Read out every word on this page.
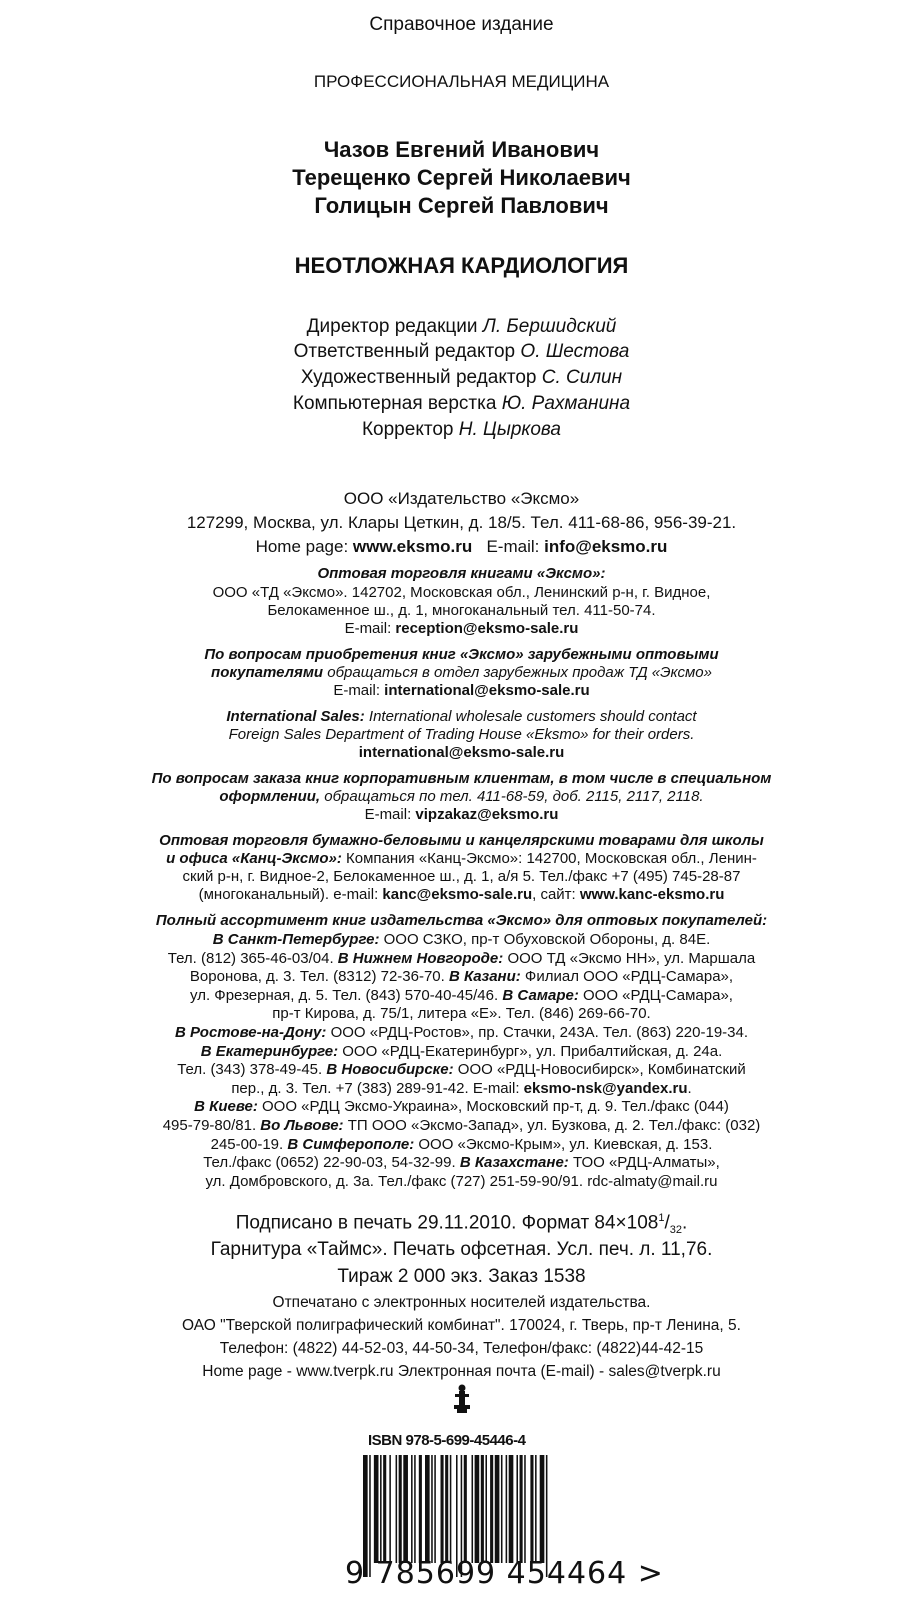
Справочное издание
ПРОФЕССИОНАЛЬНАЯ МЕДИЦИНА
Чазов Евгений Иванович
Терещенко Сергей Николаевич
Голицын Сергей Павлович
НЕОТЛОЖНАЯ КАРДИОЛОГИЯ
Директор редакции Л. Бершидский
Ответственный редактор О. Шестова
Художественный редактор С. Силин
Компьютерная верстка Ю. Рахманина
Корректор Н. Цыркова
ООО «Издательство «Эксмо»
127299, Москва, ул. Клары Цеткин, д. 18/5. Тел. 411-68-86, 956-39-21.
Home page: www.eksmo.ru E-mail: info@eksmo.ru
Оптовая торговля книгами «Эксмо»:
ООО «ТД «Эксмо». 142702, Московская обл., Ленинский р-н, г. Видное,
Белокаменное ш., д. 1, многоканальный тел. 411-50-74.
E-mail: reception@eksmo-sale.ru
По вопросам приобретения книг «Эксмо» зарубежными оптовыми
покупателями обращаться в отдел зарубежных продаж ТД «Эксмо»
E-mail: international@eksmo-sale.ru
International Sales: International wholesale customers should contact
Foreign Sales Department of Trading House «Eksmo» for their orders.
international@eksmo-sale.ru
По вопросам заказа книг корпоративным клиентам, в том числе в специальном
оформлении, обращаться по тел. 411-68-59, доб. 2115, 2117, 2118.
E-mail: vipzakaz@eksmo.ru
Оптовая торговля бумажно-беловыми и канцелярскими товарами для школы
и офиса «Канц-Эксмо»: Компания «Канц-Эксмо»: 142700, Московская обл., Ленин-
ский р-н, г. Видное-2, Белокаменное ш., д. 1, а/я 5. Тел./факс +7 (495) 745-28-87
(многоканальный). e-mail: kanc@eksmo-sale.ru, сайт: www.kanc-eksmo.ru
Полный ассортимент книг издательства «Эксмо» для оптовых покупателей:
В Санкт-Петербурге: ООО СЗКО, пр-т Обуховской Обороны, д. 84Е.
Тел. (812) 365-46-03/04. В Нижнем Новгороде: ООО ТД «Эксмо НН», ул. Маршала
Воронова, д. 3. Тел. (8312) 72-36-70. В Казани: Филиал ООО «РДЦ-Самара»,
ул. Фрезерная, д. 5. Тел. (843) 570-40-45/46. В Самаре: ООО «РДЦ-Самара»,
пр-т Кирова, д. 75/1, литера «Е». Тел. (846) 269-66-70.
В Ростове-на-Дону: ООО «РДЦ-Ростов», пр. Стачки, 243А. Тел. (863) 220-19-34.
В Екатеринбурге: ООО «РДЦ-Екатеринбург», ул. Прибалтийская, д. 24а.
Тел. (343) 378-49-45. В Новосибирске: ООО «РДЦ-Новосибирск», Комбинатский
пер., д. 3. Тел. +7 (383) 289-91-42. E-mail: eksmo-nsk@yandex.ru.
В Киеве: ООО «РДЦ Эксмо-Украина», Московский пр-т, д. 9. Тел./факс (044)
495-79-80/81. Во Львове: ТП ООО «Эксмо-Запад», ул. Бузкова, д. 2. Тел./факс: (032)
245-00-19. В Симферополе: ООО «Эксмо-Крым», ул. Киевская, д. 153.
Тел./факс (0652) 22-90-03, 54-32-99. В Казахстане: ТОО «РДЦ-Алматы»,
ул. Домбровского, д. 3а. Тел./факс (727) 251-59-90/91. rdc-almaty@mail.ru
Подписано в печать 29.11.2010. Формат $84\times 108^1/_{32}$.
Гарнитура «Таймс». Печать офсетная. Усл. печ. л. 11,76.
Тираж 2 000 экз. Заказ 1538
Отпечатано с электронных носителей издательства.
ОАО "Тверской полиграфический комбинат". 170024, г. Тверь, пр-т Ленина, 5.
Телефон: (4822) 44-52-03, 44-50-34, Телефон/факс: (4822)44-42-15
Home page - www.tverpk.ru Электронная почта (E-mail) - sales@tverpk.ru
ISBN 978-5-699-45446-4
9 785699 454464 >
